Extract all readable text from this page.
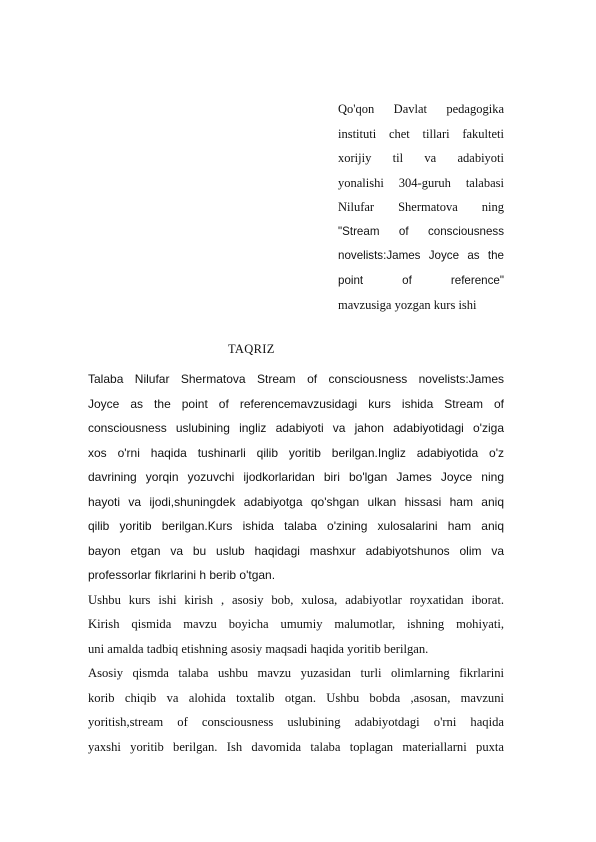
Qo'qon Davlat pedagogika
instituti chet tillari fakulteti
xorijiy til va adabiyoti
yonalishi 304-guruh talabasi
Nilufar Shermatova ning
"Stream of consciousness
novelists:James Joyce as the
point of reference"
mavzusiga yozgan kurs ishi
TAQRIZ
Talaba Nilufar Shermatova Stream of consciousness novelists:James
Joyce as the point of referencemavzusidagi kurs ishida Stream of
consciousness uslubining ingliz adabiyoti va jahon adabiyotidagi o'ziga
xos o'rni haqida tushinarli qilib yoritib berilgan.Ingliz adabiyotida o'z
davrining yorqin yozuvchi ijodkorlaridan biri bo'lgan James Joyce ning
hayoti va ijodi,shuningdek adabiyotga qo'shgan ulkan hissasi ham aniq
qilib yoritib berilgan.Kurs ishida talaba o'zining xulosalarini ham aniq
bayon etgan va bu uslub haqidagi mashxur adabiyotshunos olim va
professorlar fikrlarini h berib o'tgan.
Ushbu kurs ishi kirish , asosiy bob, xulosa, adabiyotlar royxatidan iborat.
Kirish qismida mavzu boyicha umumiy malumotlar, ishning mohiyati,
uni amalda tadbiq etishning asosiy maqsadi haqida yoritib berilgan.
Asosiy qismda talaba ushbu mavzu yuzasidan turli olimlarning fikrlarini
korib chiqib va alohida toxtalib otgan. Ushbu bobda ,asosan, mavzuni
yoritish,stream of consciousness uslubining adabiyotdagi o'rni haqida
yaxshi yoritib berilgan. Ish davomida talaba toplagan materiallarni puxta
